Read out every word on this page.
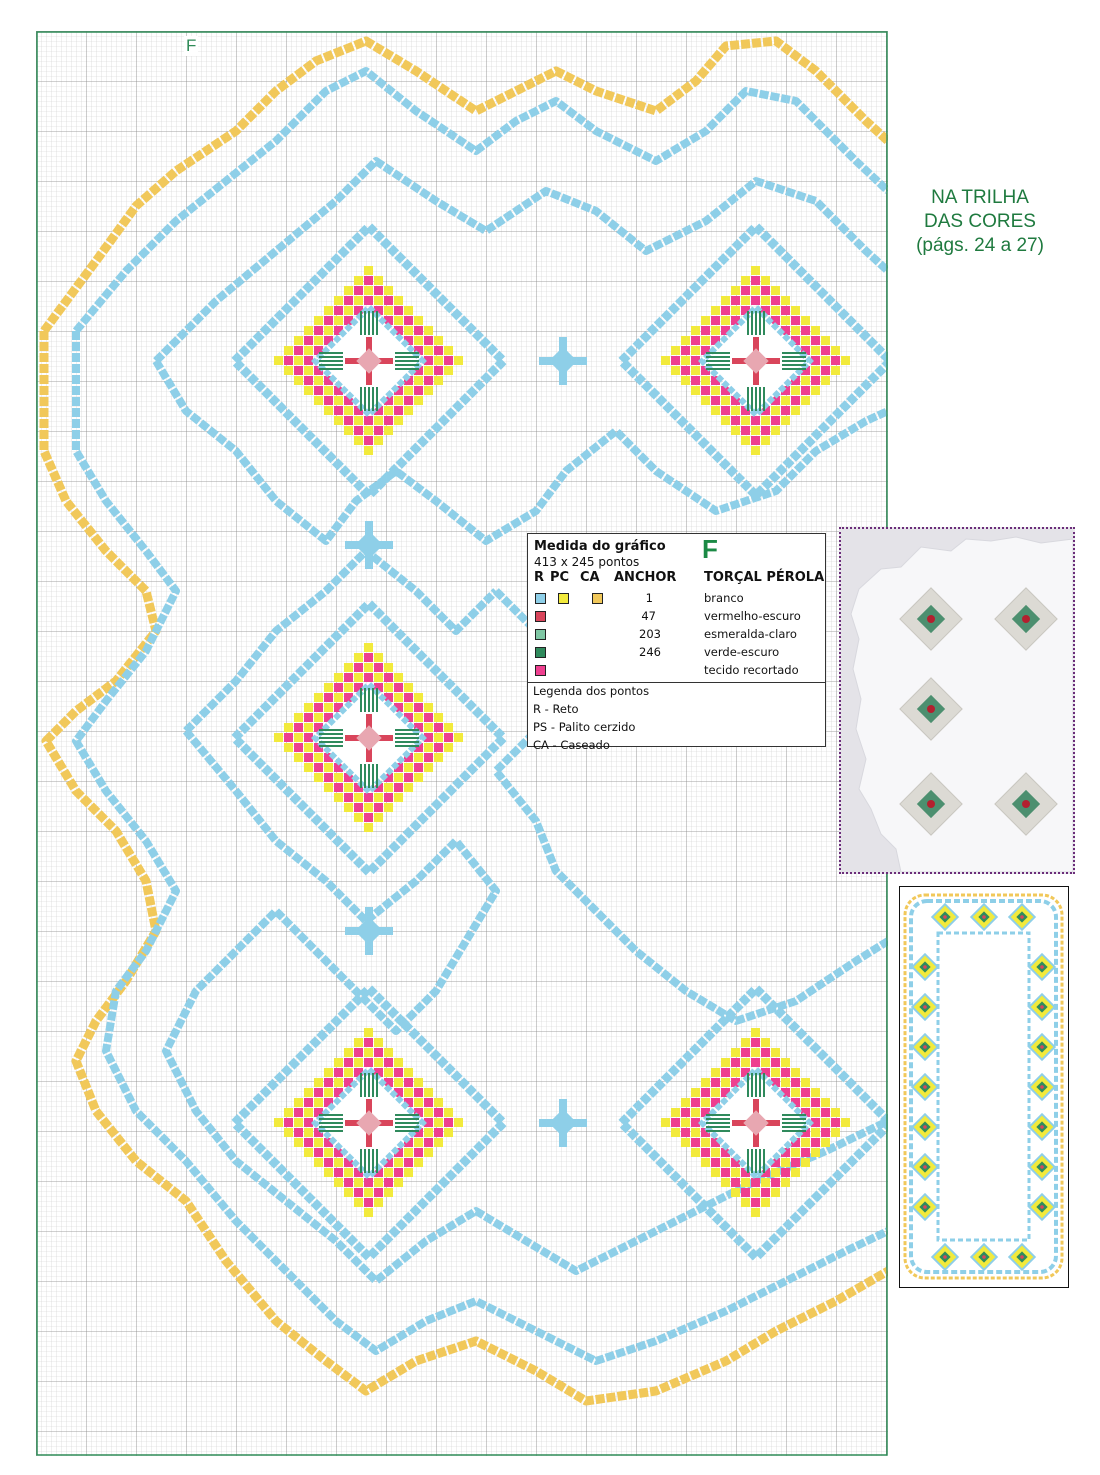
F
NA TRILHA
DAS CORES
(págs. 24 a 27)
Medida do gráfico F
413 x 245 pontos
R PC CA ANCHOR TORÇAL PÉROLA
1	branco
47	vermelho-escuro
203	esmeralda-claro
246	verde-escuro
tecido recortado
Legenda dos pontos
R - Reto
PS - Palito cerzido
CA - Caseado
